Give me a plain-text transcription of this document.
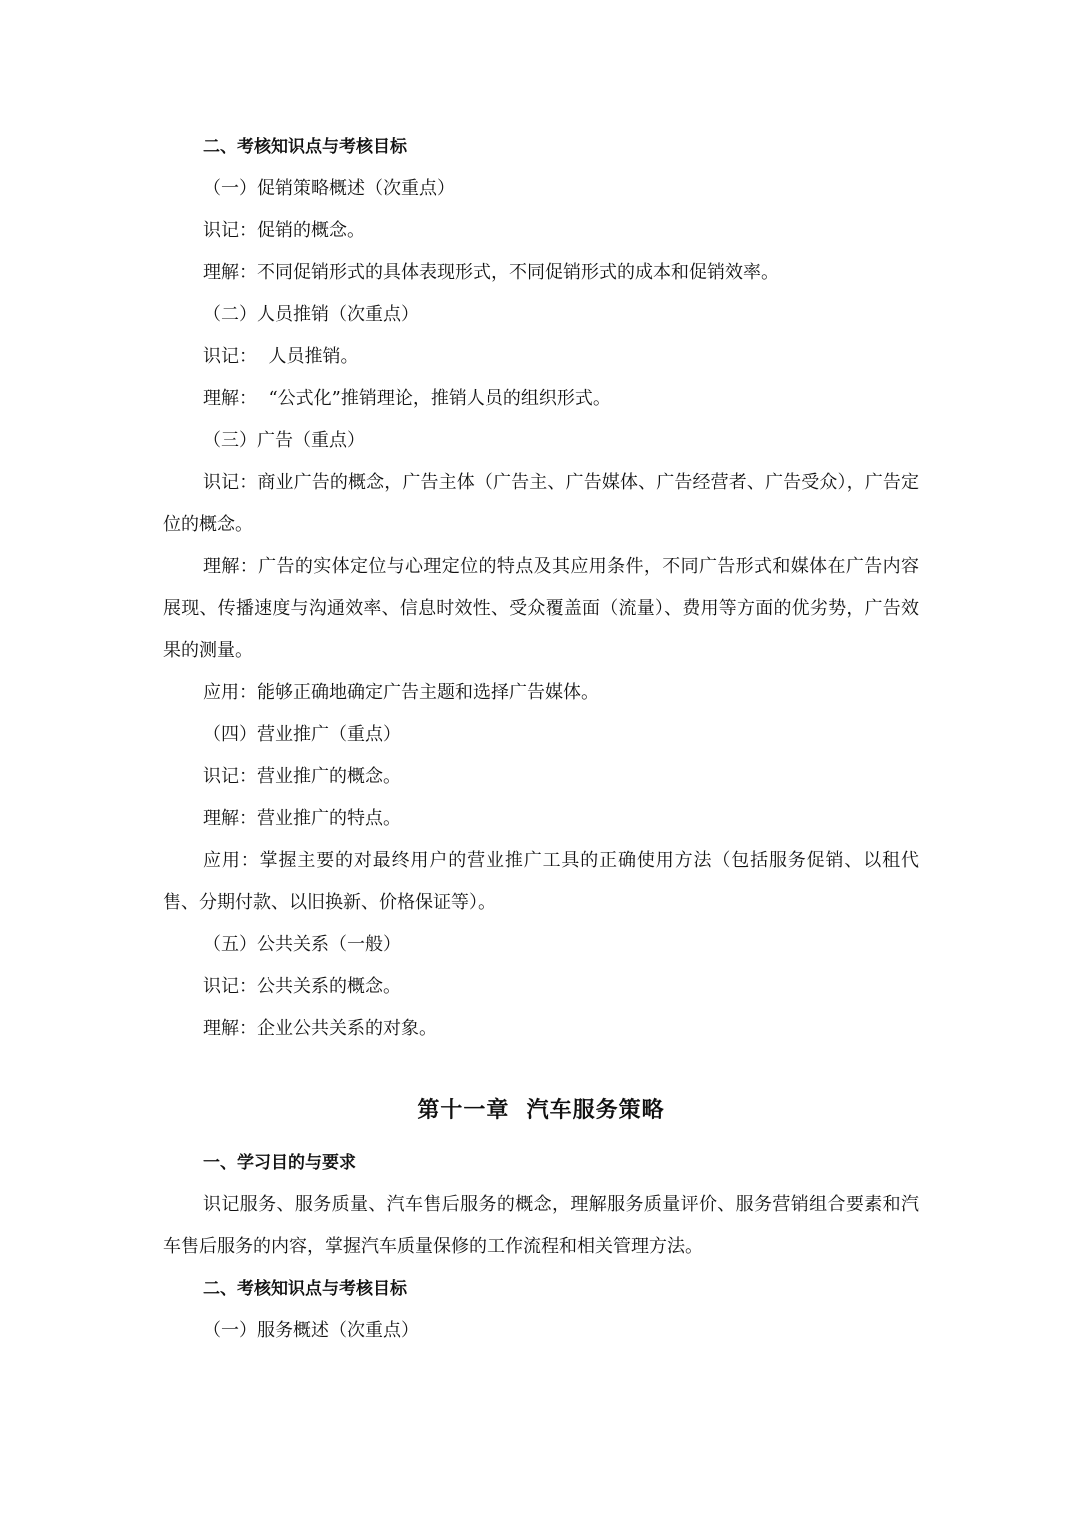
二、考核知识点与考核目标

（一）促销策略概述（次重点）

识记：促销的概念。

理解：不同促销形式的具体表现形式，不同促销形式的成本和促销效率。

（二）人员推销（次重点）

识记：  人员推销。

理解：  “公式化”推销理论，推销人员的组织形式。

（三）广告（重点）

识记：商业广告的概念，广告主体（广告主、广告媒体、广告经营者、广告受众），广告定位的概念。

理解：广告的实体定位与心理定位的特点及其应用条件，不同广告形式和媒体在广告内容展现、传播速度与沟通效率、信息时效性、受众覆盖面（流量）、费用等方面的优劣势，广告效果的测量。

应用：能够正确地确定广告主题和选择广告媒体。

（四）营业推广（重点）

识记：营业推广的概念。

理解：营业推广的特点。

应用：掌握主要的对最终用户的营业推广工具的正确使用方法（包括服务促销、以租代售、分期付款、以旧换新、价格保证等）。

（五）公共关系（一般）

识记：公共关系的概念。

理解：企业公共关系的对象。

第十一章  汽车服务策略

一、学习目的与要求

识记服务、服务质量、汽车售后服务的概念，理解服务质量评价、服务营销组合要素和汽车售后服务的内容，掌握汽车质量保修的工作流程和相关管理方法。

二、考核知识点与考核目标

（一）服务概述（次重点）
